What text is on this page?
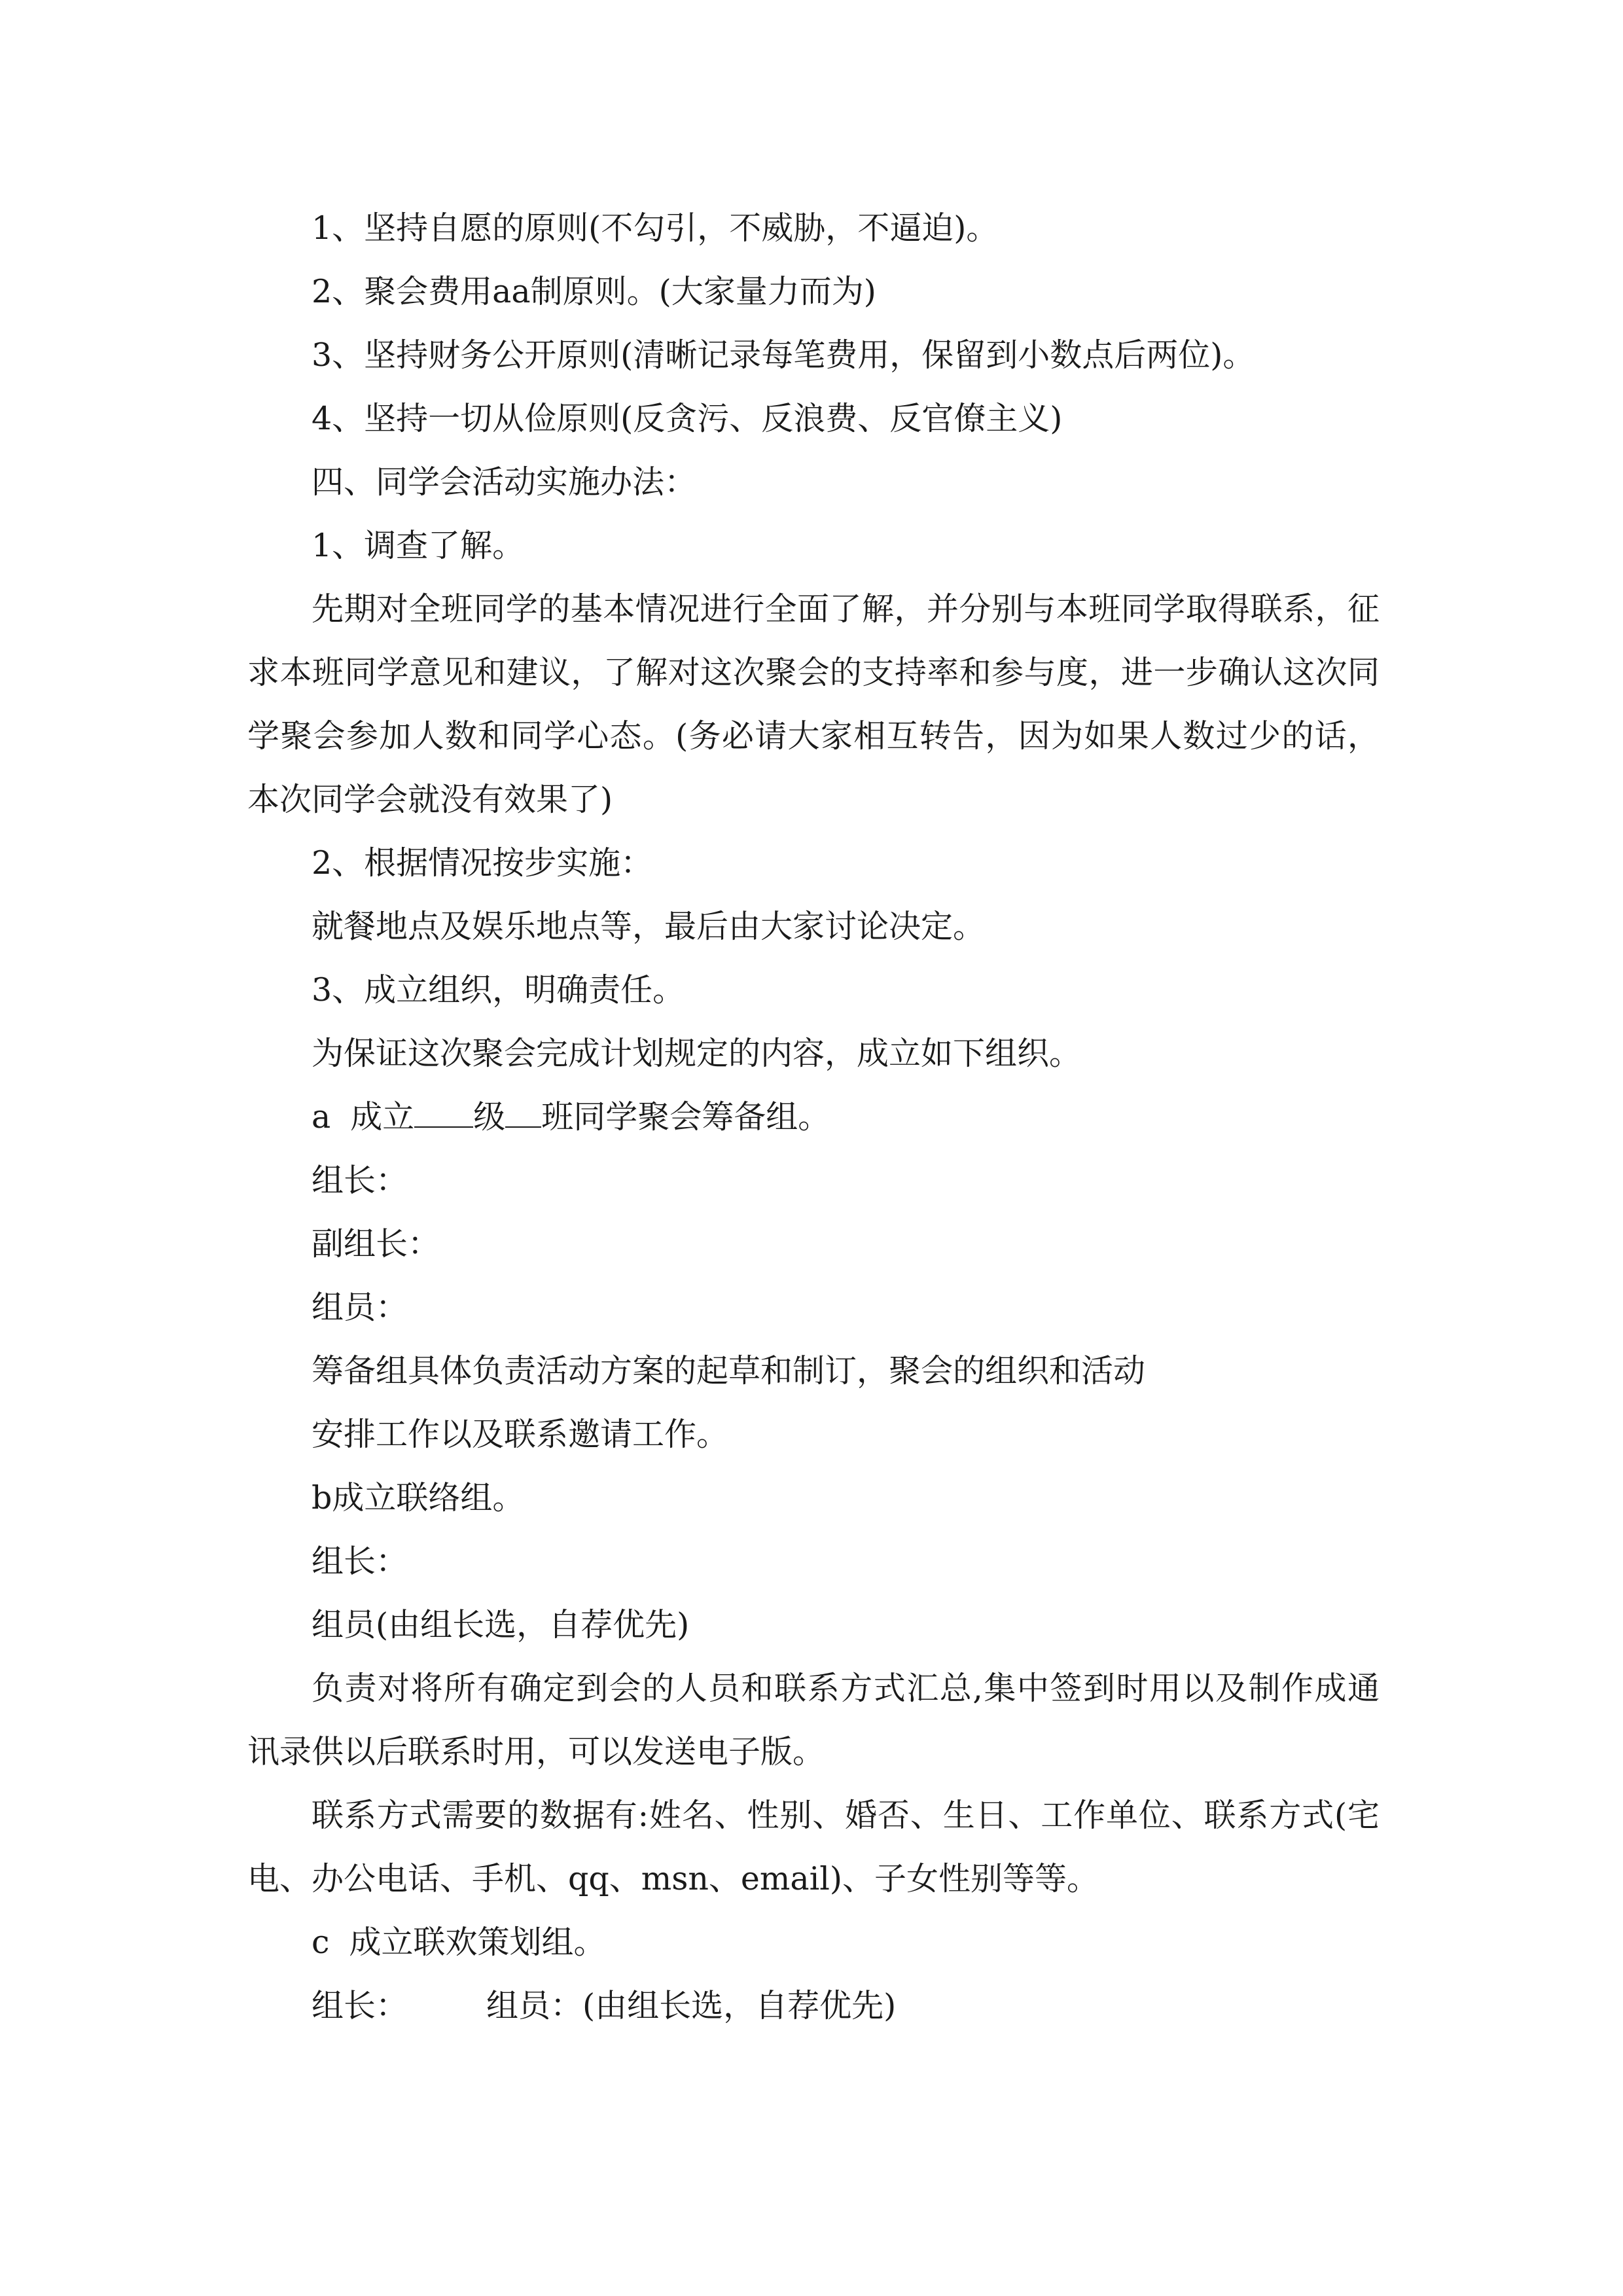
1、坚持自愿的原则(不勾引，不威胁，不逼迫)。

2、聚会费用aa制原则。(大家量力而为)

3、坚持财务公开原则(清晰记录每笔费用，保留到小数点后两位)。

4、坚持一切从俭原则(反贪污、反浪费、反官僚主义)

四、同学会活动实施办法：

1、调查了解。

先期对全班同学的基本情况进行全面了解，并分别与本班同学取得联系，征求本班同学意见和建议，了解对这次聚会的支持率和参与度，进一步确认这次同学聚会参加人数和同学心态。(务必请大家相互转告，因为如果人数过少的话，本次同学会就没有效果了)

2、根据情况按步实施：

就餐地点及娱乐地点等，最后由大家讨论决定。

3、成立组织，明确责任。

为保证这次聚会完成计划规定的内容，成立如下组织。

a 成立 级 班同学聚会筹备组。

组长：

副组长：

组员：

筹备组具体负责活动方案的起草和制订，聚会的组织和活动

安排工作以及联系邀请工作。

b成立联络组。

组长：

组员(由组长选，自荐优先)

负责对将所有确定到会的人员和联系方式汇总,集中签到时用以及制作成通讯录供以后联系时用，可以发送电子版。

联系方式需要的数据有:姓名、性别、婚否、生日、工作单位、联系方式(宅电、办公电话、手机、qq、msn、email)、子女性别等等。

c 成立联欢策划组。

组长： 组员：(由组长选，自荐优先)
